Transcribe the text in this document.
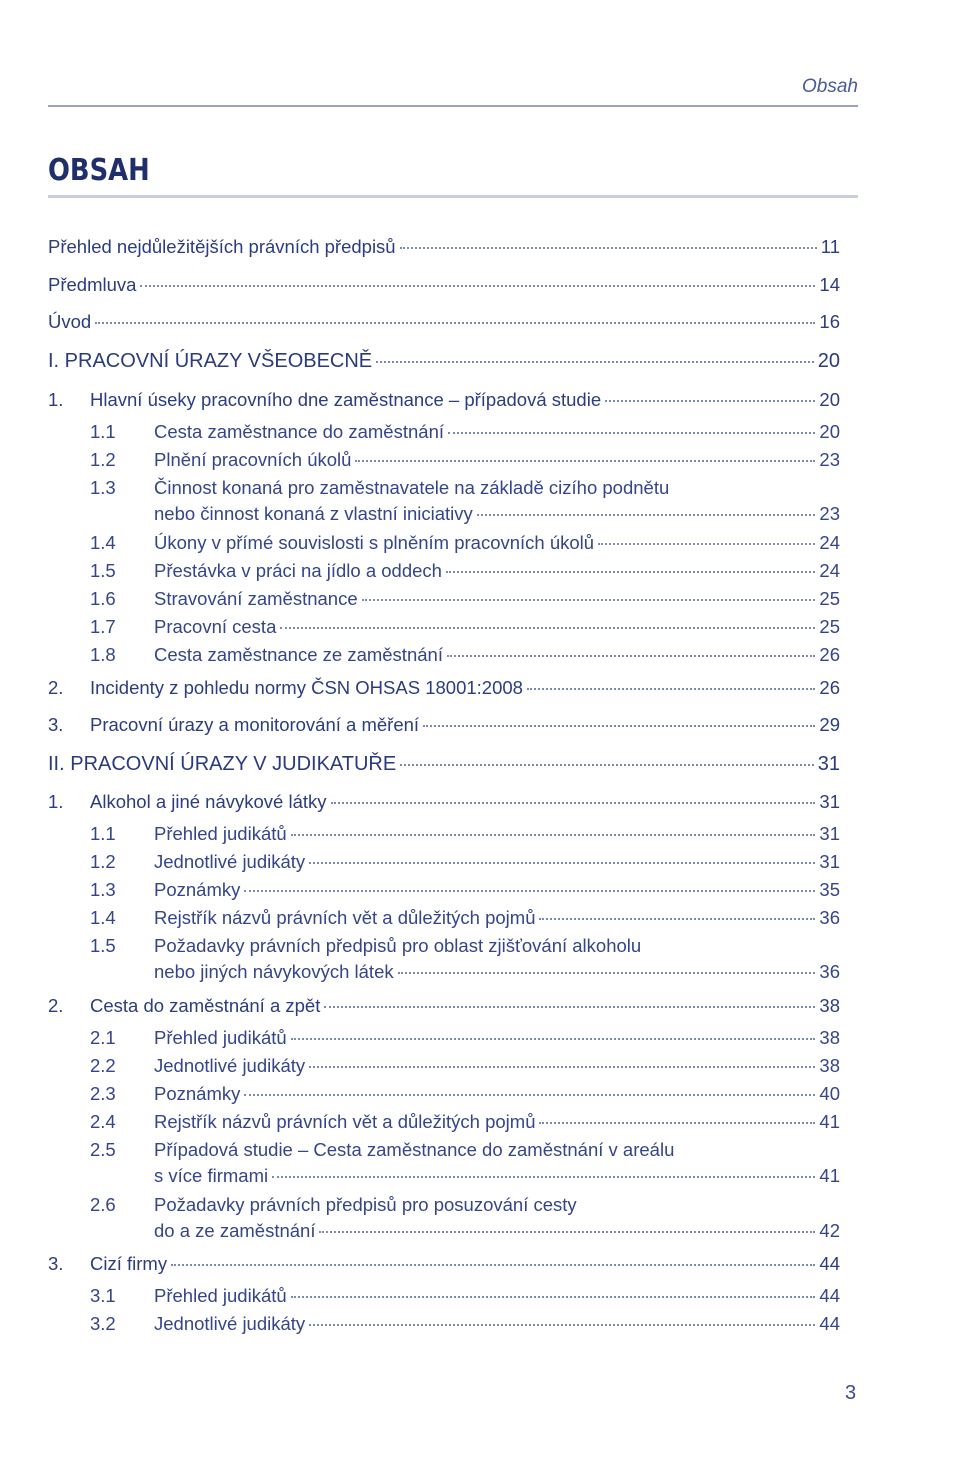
Obsah
OBSAH
Přehled nejdůležitějších právních předpisů	11
Předmluva	14
Úvod	16
I. PRACOVNÍ ÚRAZY VŠEOBECNĚ	20
1.	Hlavní úseky pracovního dne zaměstnance – případová studie	20
1.1	Cesta zaměstnance do zaměstnání	20
1.2	Plnění pracovních úkolů	23
1.3	Činnost konaná pro zaměstnavatele na základě cizího podnětu
nebo činnost konaná z vlastní iniciativy	23
1.4	Úkony v přímé souvislosti s plněním pracovních úkolů	24
1.5	Přestávka v práci na jídlo a oddech	24
1.6	Stravování zaměstnance	25
1.7	Pracovní cesta	25
1.8	Cesta zaměstnance ze zaměstnání	26
2.	Incidenty z pohledu normy ČSN OHSAS 18001:2008	26
3.	Pracovní úrazy a monitorování a měření	29
II. PRACOVNÍ ÚRAZY V JUDIKATUŘE	31
1.	Alkohol a jiné návykové látky	31
1.1	Přehled judikátů	31
1.2	Jednotlivé judikáty	31
1.3	Poznámky	35
1.4	Rejstřík názvů právních vět a důležitých pojmů	36
1.5	Požadavky právních předpisů pro oblast zjišťování alkoholu
nebo jiných návykových látek	36
2.	Cesta do zaměstnání a zpět	38
2.1	Přehled judikátů	38
2.2	Jednotlivé judikáty	38
2.3	Poznámky	40
2.4	Rejstřík názvů právních vět a důležitých pojmů	41
2.5	Případová studie – Cesta zaměstnance do zaměstnání v areálu
s více firmami	41
2.6	Požadavky právních předpisů pro posuzování cesty
do a ze zaměstnání	42
3.	Cizí firmy	44
3.1	Přehled judikátů	44
3.2	Jednotlivé judikáty	44
3
